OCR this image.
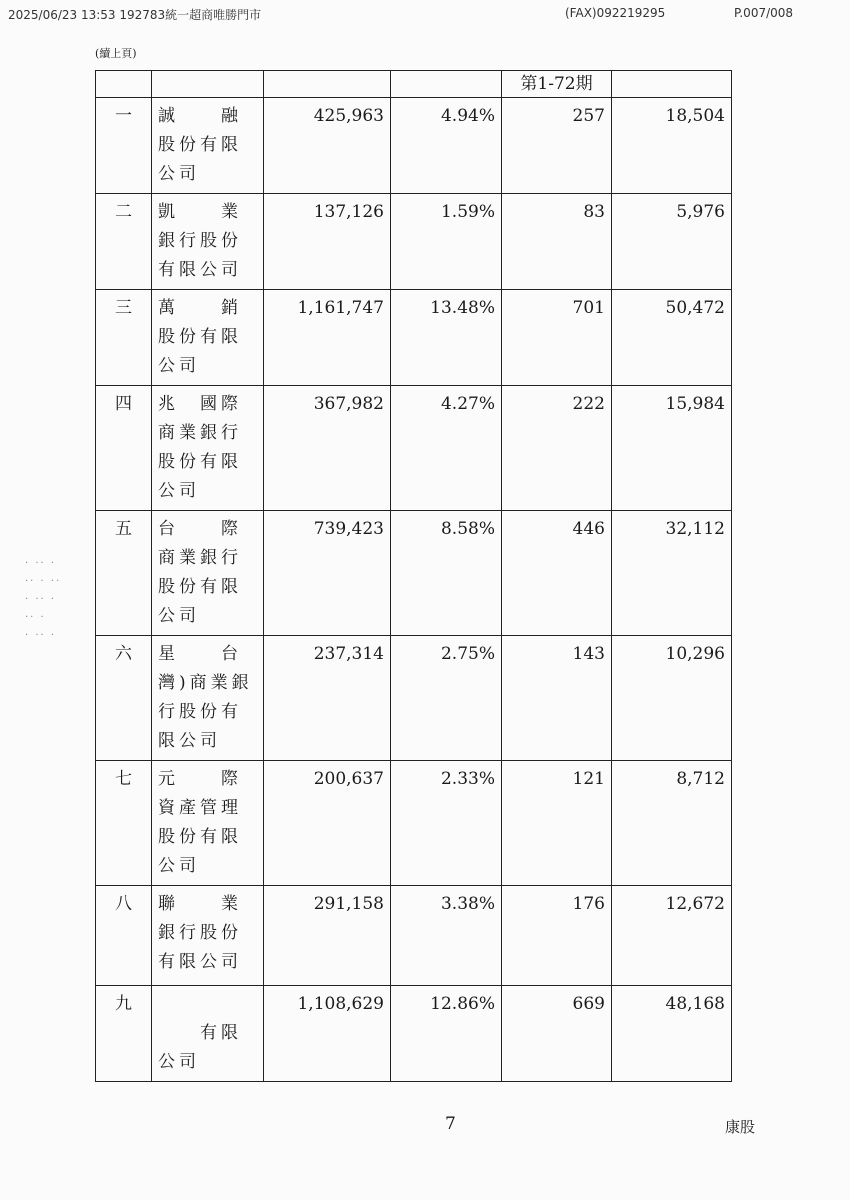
2025/06/23 13:53 192783統一超商唯勝門市	(FAX)092219295	P.007/008
(續上頁)
				第1-72期	
一	誠　　融
股份有限
公司	425,963	4.94%	257	18,504
二	凱　　業
銀行股份
有限公司	137,126	1.59%	83	5,976
三	萬　　銷
股份有限
公司	1,161,747	13.48%	701	50,472
四	兆　國際
商業銀行
股份有限
公司	367,982	4.27%	222	15,984
五	台　　際
商業銀行
股份有限
公司	739,423	8.58%	446	32,112
六	星　　台
灣)商業銀
行股份有
限公司	237,314	2.75%	143	10,296
七	元　　際
資產管理
股份有限
公司	200,637	2.33%	121	8,712
八	聯　　業
銀行股份
有限公司	291,158	3.38%	176	12,672
九	　　有限
公司	1,108,629	12.86%	669	48,168
· ·· ·
·· · ··
· ·· ·
·· ·
· ·· ·
7	康股
